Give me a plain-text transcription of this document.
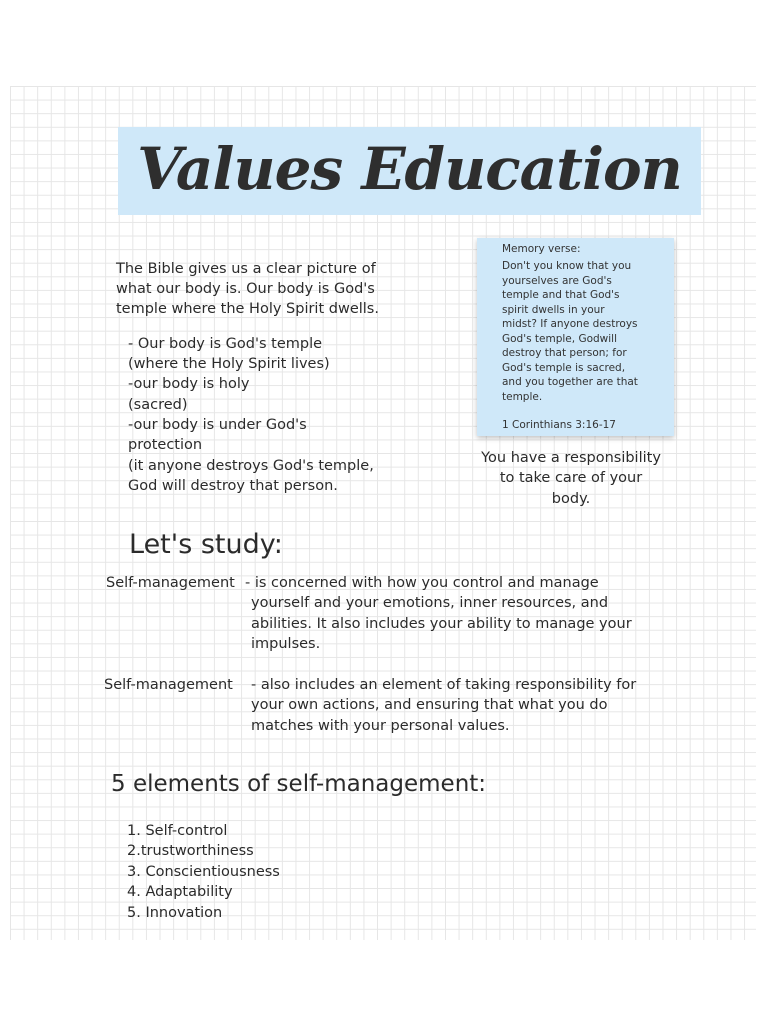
Values Education
The Bible gives us a clear picture of
what our body is. Our body is God's
temple where the Holy Spirit dwells.
- Our body is God's temple
(where the Holy Spirit lives)
-our body is holy
(sacred)
-our body is under God's
protection
(it anyone destroys God's temple,
God will destroy that person.
Memory verse:
Don't you know that you
yourselves are God's
temple and that God's
spirit dwells in your
midst? If anyone destroys
God's temple, Godwill
destroy that person; for
God's temple is sacred,
and you together are that
temple.
1 Corinthians 3:16-17
You have a responsibility
to take care of your
body.
Let's study:
Self-management - is concerned with how you control and manage
yourself and your emotions, inner resources, and
abilities. It also includes your ability to manage your
impulses.
Self-management - also includes an element of taking responsibility for
your own actions, and ensuring that what you do
matches with your personal values.
5 elements of self-management:
1. Self-control
2.trustworthiness
3. Conscientiousness
4. Adaptability
5. Innovation
